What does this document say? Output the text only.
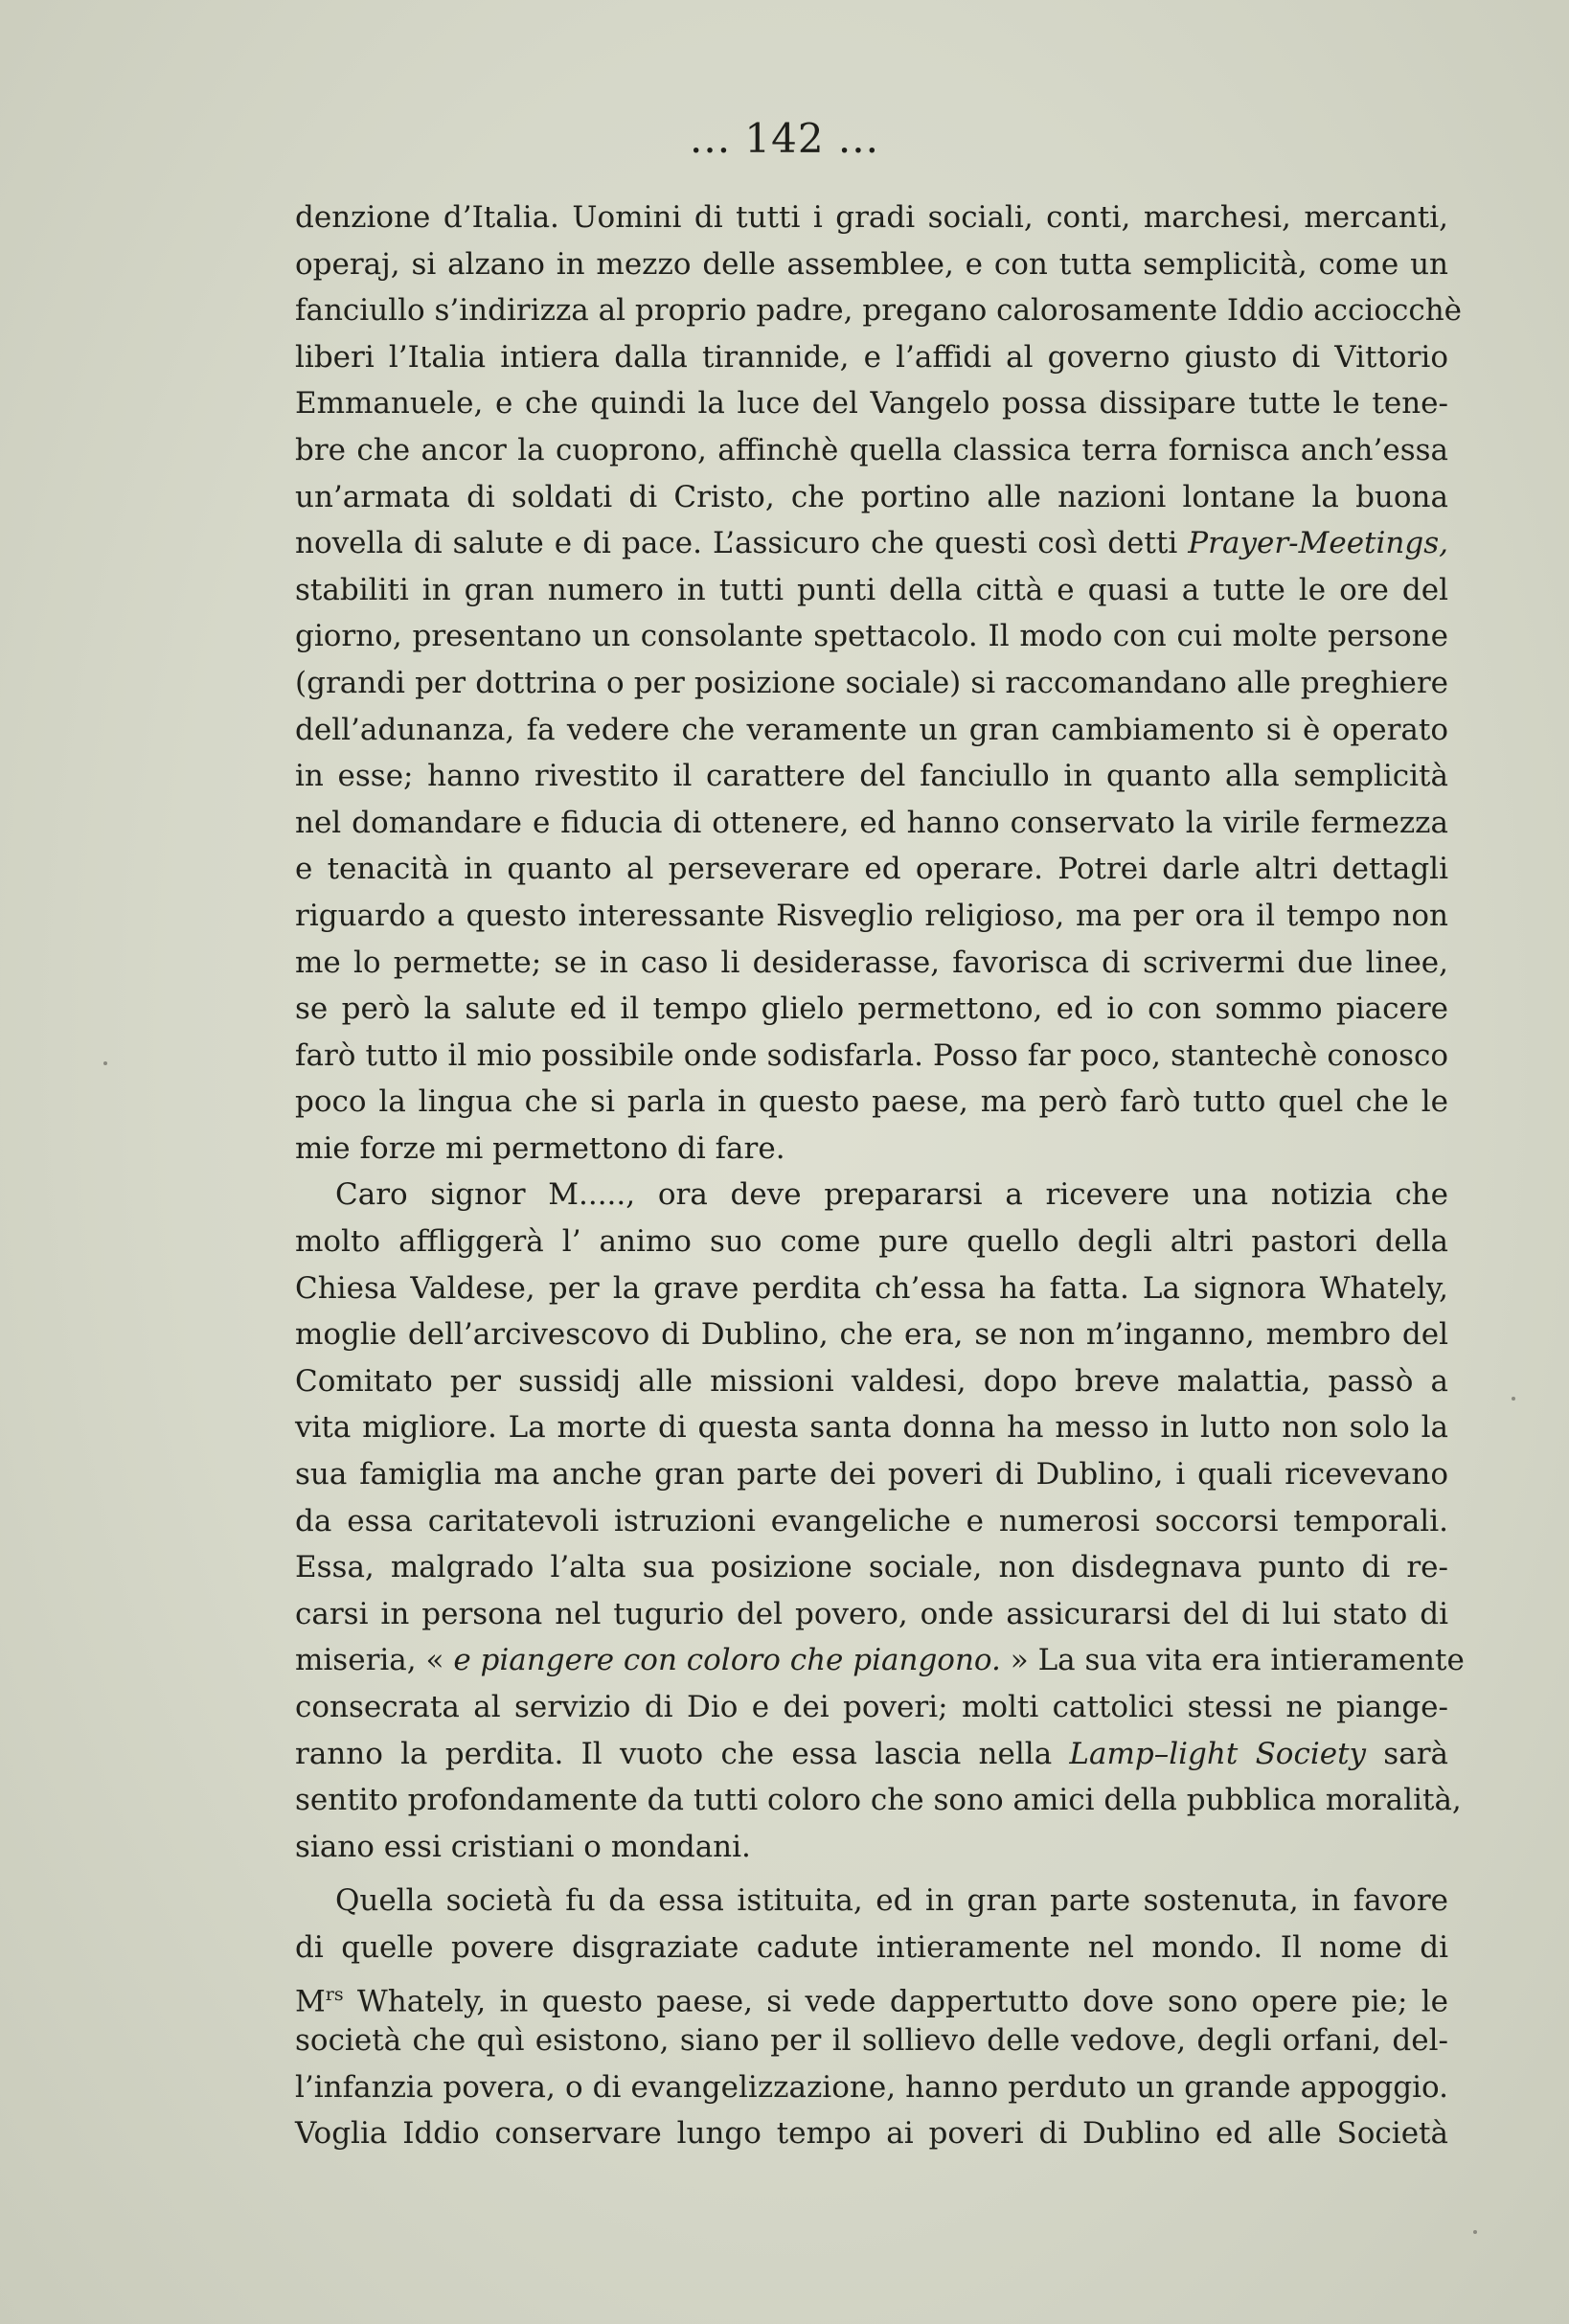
... 142 ...
denzione d’Italia. Uomini di tutti i gradi sociali, conti, marchesi, mercanti,
operaj, si alzano in mezzo delle assemblee, e con tutta semplicità, come un
fanciullo s’indirizza al proprio padre, pregano calorosamente Iddio acciocchè
liberi l’Italia intiera dalla tirannide, e l’affidi al governo giusto di Vittorio
Emmanuele, e che quindi la luce del Vangelo possa dissipare tutte le tene-
bre che ancor la cuoprono, affinchè quella classica terra fornisca anch’essa
un’armata di soldati di Cristo, che portino alle nazioni lontane la buona
novella di salute e di pace. L’assicuro che questi così detti Prayer-Meetings,
stabiliti in gran numero in tutti punti della città e quasi a tutte le ore del
giorno, presentano un consolante spettacolo. Il modo con cui molte persone
(grandi per dottrina o per posizione sociale) si raccomandano alle preghiere
dell’adunanza, fa vedere che veramente un gran cambiamento si è operato
in esse; hanno rivestito il carattere del fanciullo in quanto alla semplicità
nel domandare e fiducia di ottenere, ed hanno conservato la virile fermezza
e tenacità in quanto al perseverare ed operare. Potrei darle altri dettagli
riguardo a questo interessante Risveglio religioso, ma per ora il tempo non
me lo permette; se in caso li desiderasse, favorisca di scrivermi due linee,
se però la salute ed il tempo glielo permettono, ed io con sommo piacere
farò tutto il mio possibile onde sodisfarla. Posso far poco, stantechè conosco
poco la lingua che si parla in questo paese, ma però farò tutto quel che le
mie forze mi permettono di fare.
Caro signor M....., ora deve prepararsi a ricevere una notizia che
molto affliggerà l’ animo suo come pure quello degli altri pastori della
Chiesa Valdese, per la grave perdita ch’essa ha fatta. La signora Whately,
moglie dell’arcivescovo di Dublino, che era, se non m’inganno, membro del
Comitato per sussidj alle missioni valdesi, dopo breve malattia, passò a
vita migliore. La morte di questa santa donna ha messo in lutto non solo la
sua famiglia ma anche gran parte dei poveri di Dublino, i quali ricevevano
da essa caritatevoli istruzioni evangeliche e numerosi soccorsi temporali.
Essa, malgrado l’alta sua posizione sociale, non disdegnava punto di re-
carsi in persona nel tugurio del povero, onde assicurarsi del di lui stato di
miseria, « e piangere con coloro che piangono. » La sua vita era intieramente
consecrata al servizio di Dio e dei poveri; molti cattolici stessi ne piange-
ranno la perdita. Il vuoto che essa lascia nella Lamp–light Society sarà
sentito profondamente da tutti coloro che sono amici della pubblica moralità,
siano essi cristiani o mondani.
Quella società fu da essa istituita, ed in gran parte sostenuta, in favore
di quelle povere disgraziate cadute intieramente nel mondo. Il nome di
$M^{rs}$ Whately, in questo paese, si vede dappertutto dove sono opere pie; le
società che quì esistono, siano per il sollievo delle vedove, degli orfani, del-
l’infanzia povera, o di evangelizzazione, hanno perduto un grande appoggio.
Voglia Iddio conservare lungo tempo ai poveri di Dublino ed alle Società
